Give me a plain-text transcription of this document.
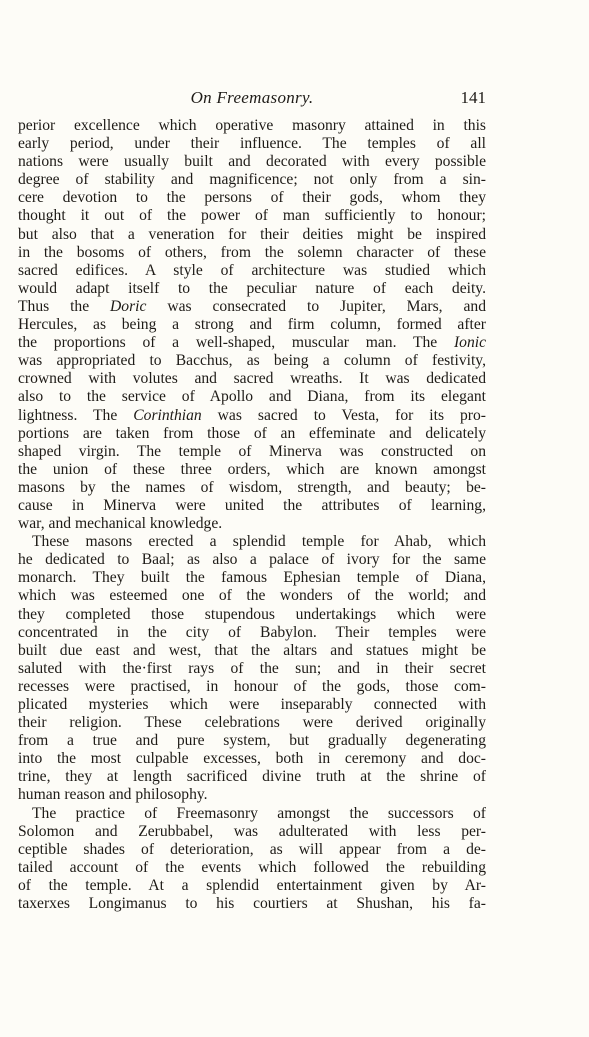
On Freemasonry.	141
perior excellence which operative masonry attained in this
early period, under their influence. The temples of all
nations were usually built and decorated with every possible
degree of stability and magnificence; not only from a sin-
cere devotion to the persons of their gods, whom they
thought it out of the power of man sufficiently to honour;
but also that a veneration for their deities might be inspired
in the bosoms of others, from the solemn character of these
sacred edifices. A style of architecture was studied which
would adapt itself to the peculiar nature of each deity.
Thus the Doric was consecrated to Jupiter, Mars, and
Hercules, as being a strong and firm column, formed after
the proportions of a well-shaped, muscular man. The Ionic
was appropriated to Bacchus, as being a column of festivity,
crowned with volutes and sacred wreaths. It was dedicated
also to the service of Apollo and Diana, from its elegant
lightness. The Corinthian was sacred to Vesta, for its pro-
portions are taken from those of an effeminate and delicately
shaped virgin. The temple of Minerva was constructed on
the union of these three orders, which are known amongst
masons by the names of wisdom, strength, and beauty; be-
cause in Minerva were united the attributes of learning,
war, and mechanical knowledge.
These masons erected a splendid temple for Ahab, which
he dedicated to Baal; as also a palace of ivory for the same
monarch. They built the famous Ephesian temple of Diana,
which was esteemed one of the wonders of the world; and
they completed those stupendous undertakings which were
concentrated in the city of Babylon. Their temples were
built due east and west, that the altars and statues might be
saluted with the·first rays of the sun; and in their secret
recesses were practised, in honour of the gods, those com-
plicated mysteries which were inseparably connected with
their religion. These celebrations were derived originally
from a true and pure system, but gradually degenerating
into the most culpable excesses, both in ceremony and doc-
trine, they at length sacrificed divine truth at the shrine of
human reason and philosophy.
The practice of Freemasonry amongst the successors of
Solomon and Zerubbabel, was adulterated with less per-
ceptible shades of deterioration, as will appear from a de-
tailed account of the events which followed the rebuilding
of the temple. At a splendid entertainment given by Ar-
taxerxes Longimanus to his courtiers at Shushan, his fa-
